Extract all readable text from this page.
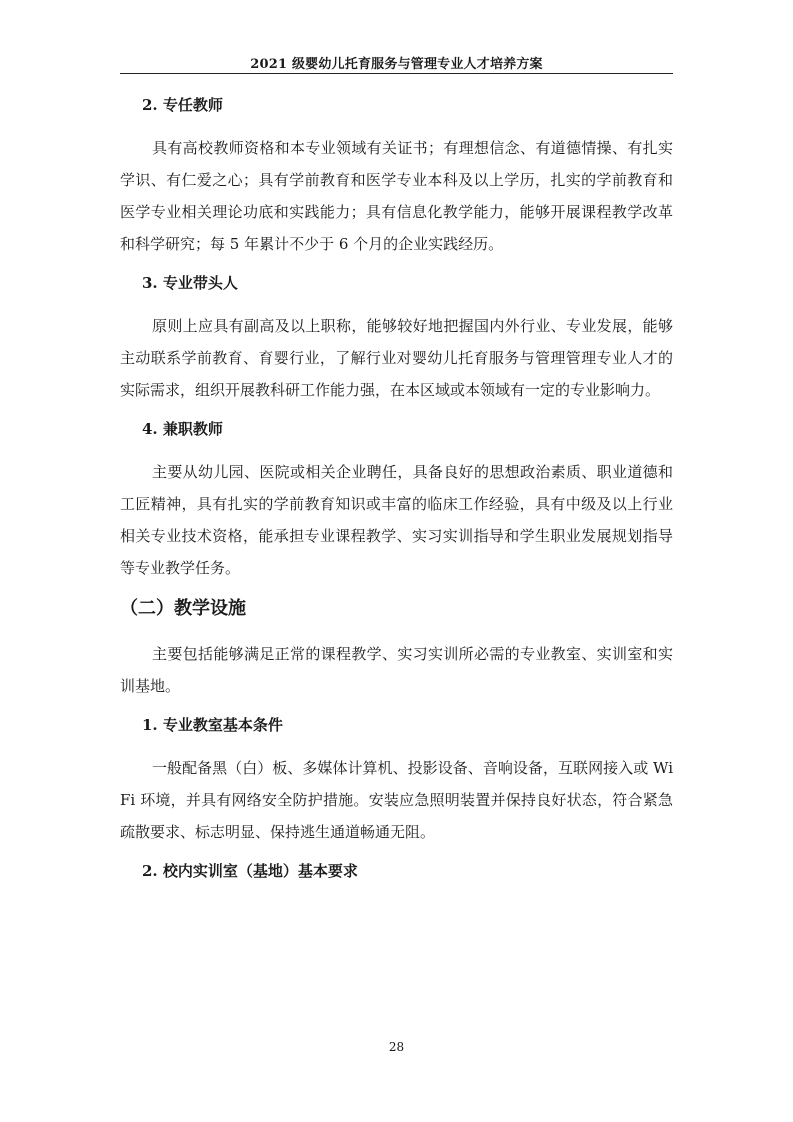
2021 级婴幼儿托育服务与管理专业人才培养方案
2. 专任教师

具有高校教师资格和本专业领域有关证书；有理想信念、有道德情操、有扎实学识、有仁爱之心；具有学前教育和医学专业本科及以上学历，扎实的学前教育和医学专业相关理论功底和实践能力；具有信息化教学能力，能够开展课程教学改革和科学研究；每 5 年累计不少于 6 个月的企业实践经历。

3. 专业带头人

原则上应具有副高及以上职称，能够较好地把握国内外行业、专业发展，能够主动联系学前教育、育婴行业，了解行业对婴幼儿托育服务与管理管理专业人才的实际需求，组织开展教科研工作能力强，在本区域或本领域有一定的专业影响力。

4. 兼职教师

主要从幼儿园、医院或相关企业聘任，具备良好的思想政治素质、职业道德和工匠精神，具有扎实的学前教育知识或丰富的临床工作经验，具有中级及以上行业相关专业技术资格，能承担专业课程教学、实习实训指导和学生职业发展规划指导等专业教学任务。

（二）教学设施

主要包括能够满足正常的课程教学、实习实训所必需的专业教室、实训室和实训基地。

1. 专业教室基本条件

一般配备黑（白）板、多媒体计算机、投影设备、音响设备，互联网接入或 WiFi 环境，并具有网络安全防护措施。安装应急照明装置并保持良好状态，符合紧急疏散要求、标志明显、保持逃生通道畅通无阻。

2. 校内实训室（基地）基本要求
28
